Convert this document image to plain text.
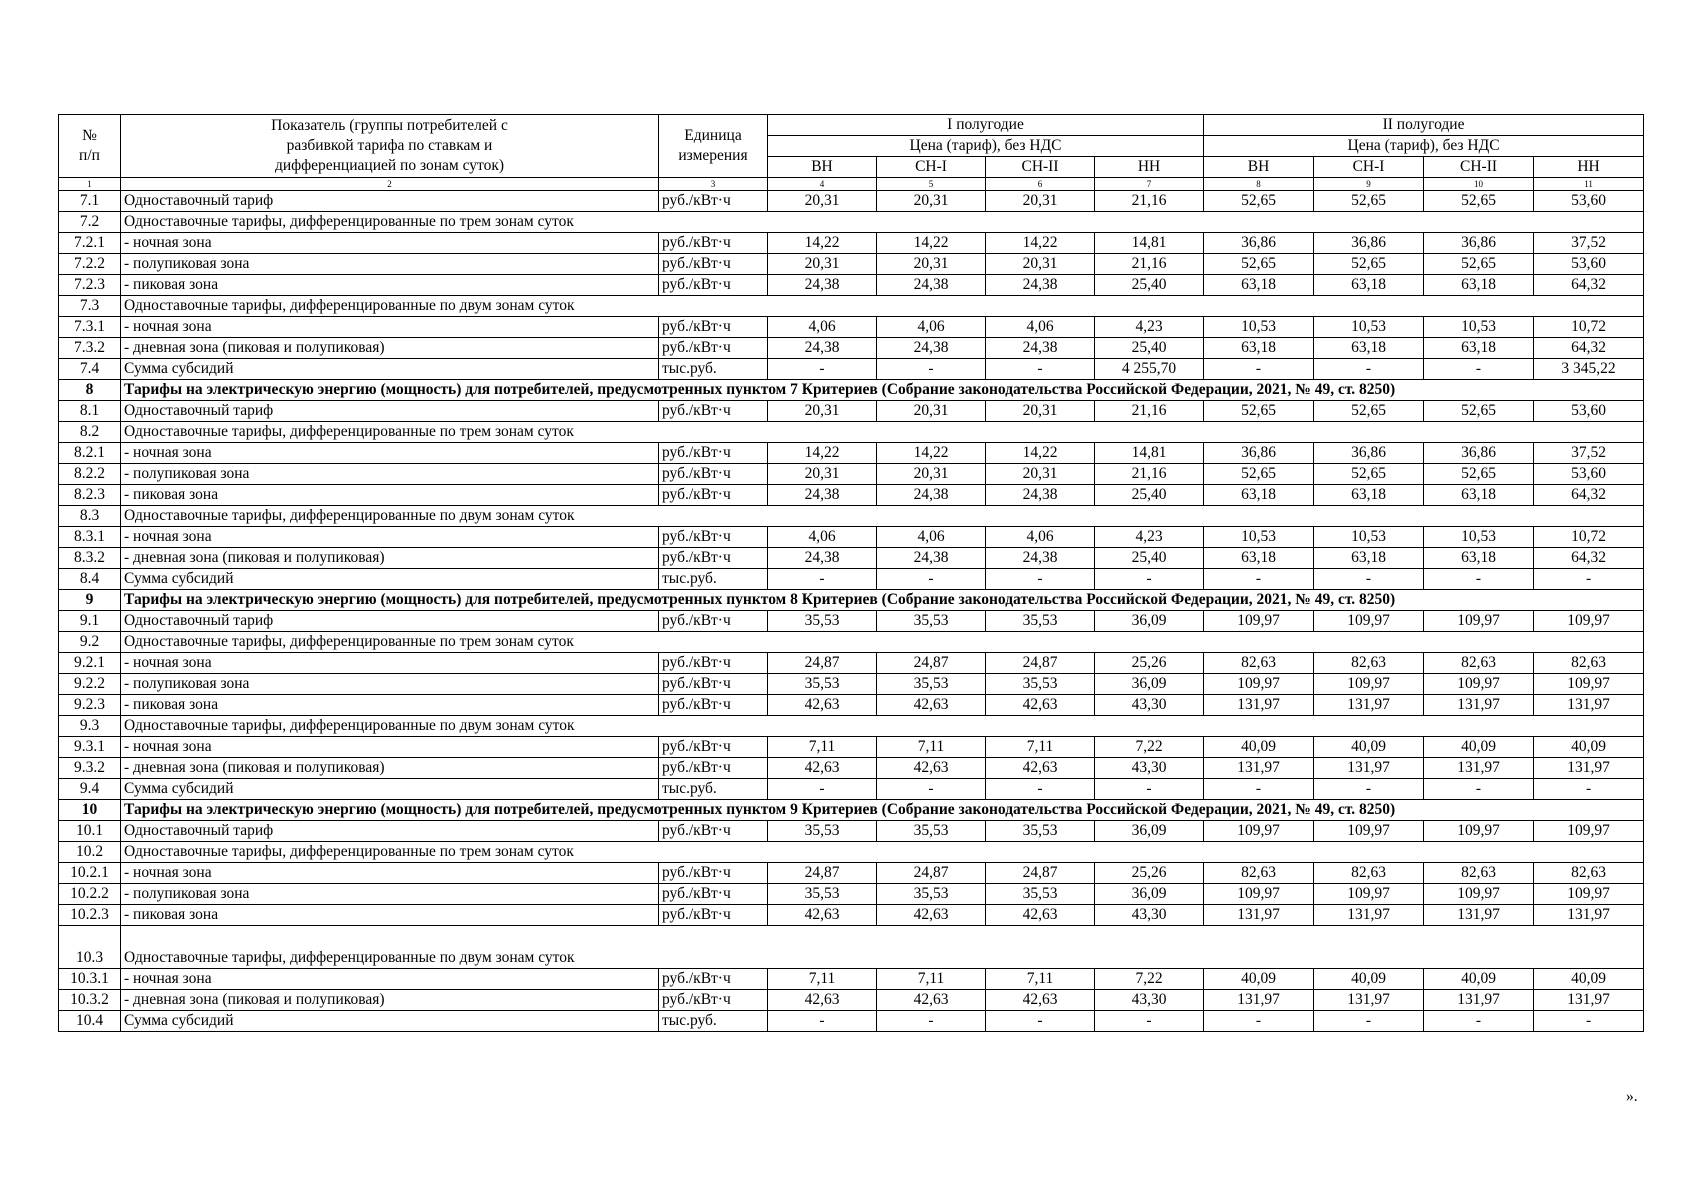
№
п/п	Показатель (группы потребителей с разбивкой тарифа по ставкам и дифференциацией по зонам суток)	Единица измерения	I полугодие				II полугодие			
			Цена (тариф), без НДС				Цена (тариф), без НДС			
			ВН	СН-I	СН-II	НН	ВН	СН-I	СН-II	НН
1	2	3	4	5	6	7	8	9	10	11
7.1	Одноставочный тариф	руб./кВт·ч	20,31	20,31	20,31	21,16	52,65	52,65	52,65	53,60
7.2	Одноставочные тарифы, дифференцированные по трем зонам суток									
7.2.1	- ночная зона	руб./кВт·ч	14,22	14,22	14,22	14,81	36,86	36,86	36,86	37,52
7.2.2	- полупиковая зона	руб./кВт·ч	20,31	20,31	20,31	21,16	52,65	52,65	52,65	53,60
7.2.3	- пиковая зона	руб./кВт·ч	24,38	24,38	24,38	25,40	63,18	63,18	63,18	64,32
7.3	Одноставочные тарифы, дифференцированные по двум зонам суток									
7.3.1	- ночная зона	руб./кВт·ч	4,06	4,06	4,06	4,23	10,53	10,53	10,53	10,72
7.3.2	- дневная зона (пиковая и полупиковая)	руб./кВт·ч	24,38	24,38	24,38	25,40	63,18	63,18	63,18	64,32
7.4	Сумма субсидий	тыс.руб.	-	-	-	4 255,70	-	-	-	3 345,22
8	Тарифы на электрическую энергию (мощность) для потребителей, предусмотренных пунктом 7 Критериев (Собрание законодательства Российской Федерации, 2021, № 49, ст. 8250)									
8.1	Одноставочный тариф	руб./кВт·ч	20,31	20,31	20,31	21,16	52,65	52,65	52,65	53,60
8.2	Одноставочные тарифы, дифференцированные по трем зонам суток									
8.2.1	- ночная зона	руб./кВт·ч	14,22	14,22	14,22	14,81	36,86	36,86	36,86	37,52
8.2.2	- полупиковая зона	руб./кВт·ч	20,31	20,31	20,31	21,16	52,65	52,65	52,65	53,60
8.2.3	- пиковая зона	руб./кВт·ч	24,38	24,38	24,38	25,40	63,18	63,18	63,18	64,32
8.3	Одноставочные тарифы, дифференцированные по двум зонам суток									
8.3.1	- ночная зона	руб./кВт·ч	4,06	4,06	4,06	4,23	10,53	10,53	10,53	10,72
8.3.2	- дневная зона (пиковая и полупиковая)	руб./кВт·ч	24,38	24,38	24,38	25,40	63,18	63,18	63,18	64,32
8.4	Сумма субсидий	тыс.руб.	-	-	-	-	-	-	-	-
9	Тарифы на электрическую энергию (мощность) для потребителей, предусмотренных пунктом 8 Критериев (Собрание законодательства Российской Федерации, 2021, № 49, ст. 8250)									
9.1	Одноставочный тариф	руб./кВт·ч	35,53	35,53	35,53	36,09	109,97	109,97	109,97	109,97
9.2	Одноставочные тарифы, дифференцированные по трем зонам суток									
9.2.1	- ночная зона	руб./кВт·ч	24,87	24,87	24,87	25,26	82,63	82,63	82,63	82,63
9.2.2	- полупиковая зона	руб./кВт·ч	35,53	35,53	35,53	36,09	109,97	109,97	109,97	109,97
9.2.3	- пиковая зона	руб./кВт·ч	42,63	42,63	42,63	43,30	131,97	131,97	131,97	131,97
9.3	Одноставочные тарифы, дифференцированные по двум зонам суток									
9.3.1	- ночная зона	руб./кВт·ч	7,11	7,11	7,11	7,22	40,09	40,09	40,09	40,09
9.3.2	- дневная зона (пиковая и полупиковая)	руб./кВт·ч	42,63	42,63	42,63	43,30	131,97	131,97	131,97	131,97
9.4	Сумма субсидий	тыс.руб.	-	-	-	-	-	-	-	-
10	Тарифы на электрическую энергию (мощность) для потребителей, предусмотренных пунктом 9 Критериев (Собрание законодательства Российской Федерации, 2021, № 49, ст. 8250)									
10.1	Одноставочный тариф	руб./кВт·ч	35,53	35,53	35,53	36,09	109,97	109,97	109,97	109,97
10.2	Одноставочные тарифы, дифференцированные по трем зонам суток									
10.2.1	- ночная зона	руб./кВт·ч	24,87	24,87	24,87	25,26	82,63	82,63	82,63	82,63
10.2.2	- полупиковая зона	руб./кВт·ч	35,53	35,53	35,53	36,09	109,97	109,97	109,97	109,97
10.2.3	- пиковая зона	руб./кВт·ч	42,63	42,63	42,63	43,30	131,97	131,97	131,97	131,97
10.3	Одноставочные тарифы, дифференцированные по двум зонам суток									
10.3.1	- ночная зона	руб./кВт·ч	7,11	7,11	7,11	7,22	40,09	40,09	40,09	40,09
10.3.2	- дневная зона (пиковая и полупиковая)	руб./кВт·ч	42,63	42,63	42,63	43,30	131,97	131,97	131,97	131,97
10.4	Сумма субсидий	тыс.руб.	-	-	-	-	-	-	-	-
».
